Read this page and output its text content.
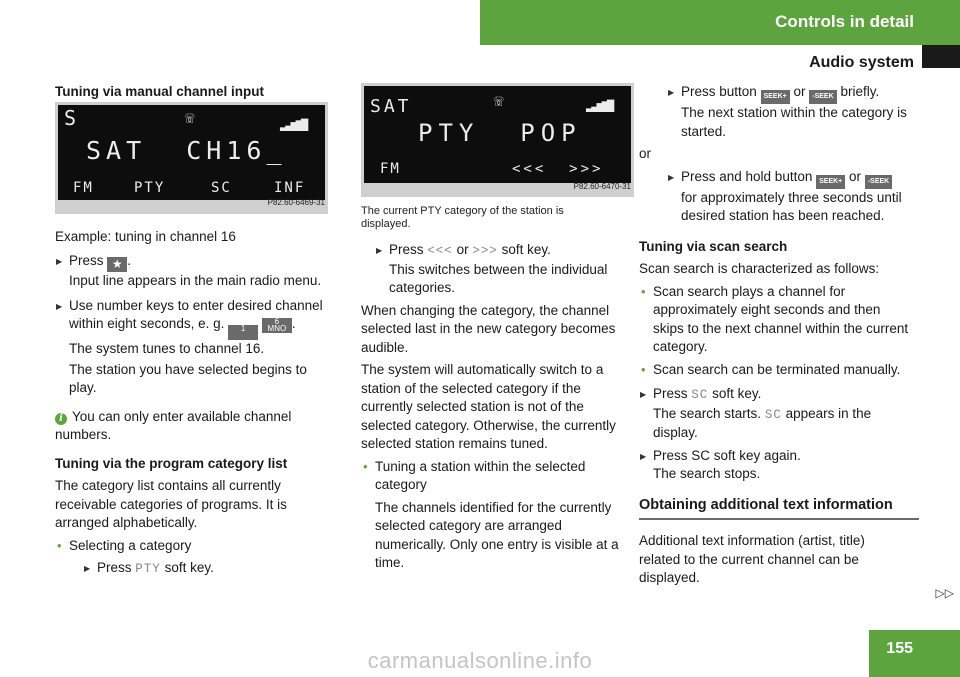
Controls in detail
Audio system

Tuning via manual channel input

S	☏	▂▃▅▆▇
SAT  CH16_
FM	PTY	SC	INF
P82.60-6469-31

Example: tuning in channel 16

▶ Press ★ .

Input line appears in the main radio menu.

▶ Use number keys to enter desired channel

within eight seconds, e. g.	1

6
MNO .

The system tunes to channel 16.

The station you have selected begins to

play.

i You can only enter available channel

numbers.

Tuning via the program category list

The category list contains all currently

receivable categories of programs. It is

arranged alphabetically.

• Selecting a category

▶ Press PTY soft key.

SAT	☏	▂▃▅▆▇
PTY  POP
FM	<<<  >>>
P82.60-6470-31

The current PTY category of the station is

displayed.

▶ Press <<< or >>> soft key.

This switches between the individual

categories.

When changing the category, the channel

selected last in the new category becomes

audible.

The system will automatically switch to a

station of the selected category if the

currently selected station is not of the

selected category. Otherwise, the currently

selected station remains tuned.

• Tuning a station within the selected

category

The channels identified for the currently

selected category are arranged

numerically. Only one entry is visible at a

time.

▶ Press button SEEK+ or -SEEK briefly.

The next station within the category is

started.

or

▶ Press and hold button SEEK+ or -SEEK

for approximately three seconds until

desired station has been reached.

Tuning via scan search

Scan search is characterized as follows:

• Scan search plays a channel for

approximately eight seconds and then

skips to the next channel within the current

category.

• Scan search can be terminated manually.

▶ Press SC soft key.

The search starts. SC appears in the

display.

▶ Press SC soft key again.

The search stops.

Obtaining additional text information

Additional text information (artist, title)

related to the current channel can be

displayed.

▷▷
155
carmanualsonline.info
